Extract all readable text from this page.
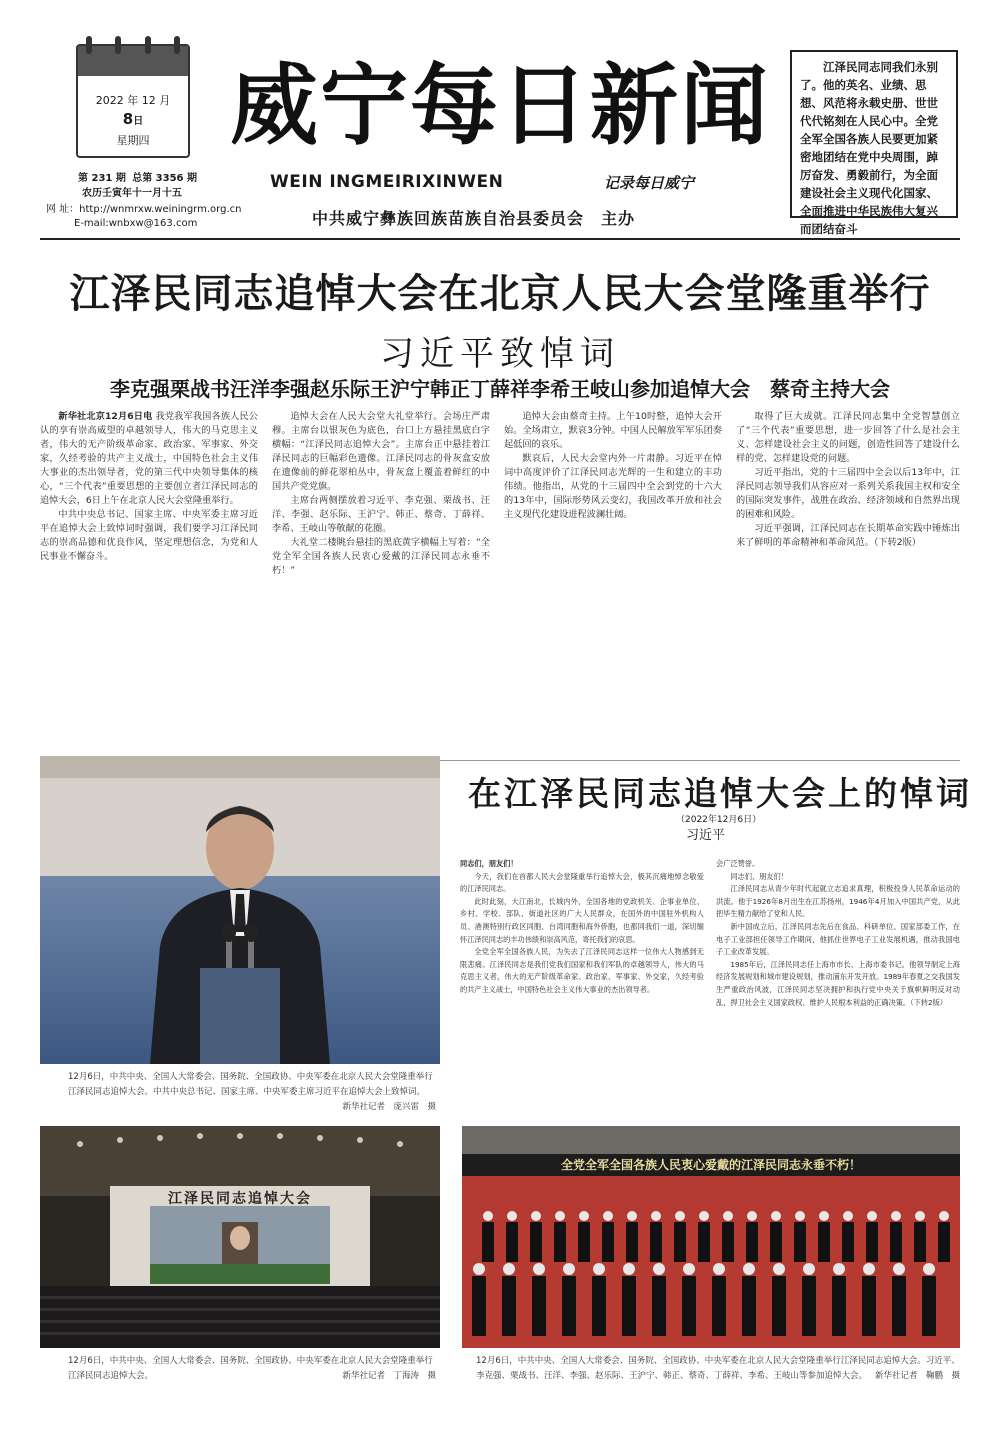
2022 年 12 月
8日
星期四
第 231 期 总第 3356 期
农历壬寅年十一月十五
网 址：http://wnmrxw.weiningrm.org.cn
E-mail:wnbxw@163.com
威宁每日新闻
WEIN INGMEIRIXINWEN	记录每日威宁
中共威宁彝族回族苗族自治县委员会　主办
江泽民同志同我们永别了。他的英名、业绩、思想、风范将永载史册、世世代代铭刻在人民心中。全党全军全国各族人民要更加紧密地团结在党中央周围，踔厉奋发、勇毅前行，为全面建设社会主义现代化国家、全面推进中华民族伟大复兴而团结奋斗
江泽民同志追悼大会在北京人民大会堂隆重举行
习近平致悼词
李克强栗战书汪洋李强赵乐际王沪宁韩正丁薛祥李希王岐山参加追悼大会　蔡奇主持大会

新华社北京12月6日电 我党我军我国各族人民公认的享有崇高威望的卓越领导人，伟大的马克思主义者，伟大的无产阶级革命家、政治家、军事家、外交家，久经考验的共产主义战士，中国特色社会主义伟大事业的杰出领导者，党的第三代中央领导集体的核心，“三个代表”重要思想的主要创立者江泽民同志的追悼大会，6日上午在北京人民大会堂隆重举行。

中共中央总书记、国家主席、中央军委主席习近平在追悼大会上致悼词时强调，我们要学习江泽民同志的崇高品德和优良作风，坚定理想信念，为党和人民事业不懈奋斗。

追悼大会在人民大会堂大礼堂举行。会场庄严肃穆。主席台以银灰色为底色，台口上方悬挂黑底白字横幅：“江泽民同志追悼大会”。主席台正中悬挂着江泽民同志的巨幅彩色遗像。江泽民同志的骨灰盒安放在遗像前的鲜花翠柏丛中，骨灰盒上覆盖着鲜红的中国共产党党旗。

主席台两侧摆放着习近平、李克强、栗战书、汪洋、李强、赵乐际、王沪宁、韩正、蔡奇、丁薛祥、李希、王岐山等敬献的花圈。

大礼堂二楼眺台悬挂的黑底黄字横幅上写着：“全党全军全国各族人民衷心爱戴的江泽民同志永垂不朽！”

追悼大会由蔡奇主持。上午10时整，追悼大会开始。全场肃立，默哀3分钟。中国人民解放军军乐团奏起低回的哀乐。

默哀后，人民大会堂内外一片肃静。习近平在悼词中高度评价了江泽民同志光辉的一生和建立的丰功伟绩。他指出，从党的十三届四中全会到党的十六大的13年中，国际形势风云变幻，我国改革开放和社会主义现代化建设进程波澜壮阔。

取得了巨大成就。江泽民同志集中全党智慧创立了“三个代表”重要思想，进一步回答了什么是社会主义、怎样建设社会主义的问题，创造性回答了建设什么样的党、怎样建设党的问题。

习近平指出，党的十三届四中全会以后13年中，江泽民同志领导我们从容应对一系列关系我国主权和安全的国际突发事件，战胜在政治、经济领域和自然界出现的困难和风险。

习近平强调，江泽民同志在长期革命实践中锤炼出来了鲜明的革命精神和革命风范。（下转2版）

12月6日，中共中央、全国人大常委会、国务院、全国政协、中央军委在北京人民大会堂隆重举行江泽民同志追悼大会。中共中央总书记、国家主席、中央军委主席习近平在追悼大会上致悼词。
新华社记者　庞兴雷　摄
在江泽民同志追悼大会上的悼词
（2022年12月6日）
习近平

同志们，朋友们！

今天，我们在首都人民大会堂隆重举行追悼大会，极其沉痛地悼念敬爱的江泽民同志。

此时此刻，大江南北，长城内外，全国各地的党政机关、企事业单位、乡村、学校、部队、街道社区的广大人民群众，在国外的中国驻外机构人员、港澳特别行政区同胞、台湾同胞和海外侨胞，也都同我们一道，深切缅怀江泽民同志的丰功伟绩和崇高风范，寄托我们的哀思。

全党全军全国各族人民，为失去了江泽民同志这样一位伟大人物感到无限悲痛。江泽民同志是我们党我们国家和我们军队的卓越领导人，伟大的马克思主义者，伟大的无产阶级革命家、政治家、军事家、外交家，久经考验的共产主义战士，中国特色社会主义伟大事业的杰出领导者。

会广泛赞誉。

同志们、朋友们！

江泽民同志从青少年时代起就立志追求真理，积极投身人民革命运动的洪流。他于1926年8月出生在江苏扬州，1946年4月加入中国共产党，从此把毕生精力献给了党和人民。

新中国成立后，江泽民同志先后在食品、科研单位、国家部委工作，在电子工业部担任领导工作期间，他抓住世界电子工业发展机遇，推动我国电子工业改革发展。

1985年后，江泽民同志任上海市市长、上海市委书记。他领导制定上海经济发展规划和城市建设规划，推动浦东开发开放。1989年春夏之交我国发生严重政治风波，江泽民同志坚决拥护和执行党中央关于旗帜鲜明反对动乱，捍卫社会主义国家政权、维护人民根本利益的正确决策。（下转2版）

江泽民同志追悼大会
12月6日，中共中央、全国人大常委会、国务院、全国政协、中央军委在北京人民大会堂隆重举行江泽民同志追悼大会。	新华社记者　丁海涛　摄
全党全军全国各族人民衷心爱戴的江泽民同志永垂不朽！
12月6日，中共中央、全国人大常委会、国务院、全国政协、中央军委在北京人民大会堂隆重举行江泽民同志追悼大会。习近平、李克强、栗战书、汪洋、李强、赵乐际、王沪宁、韩正、蔡奇、丁薛祥、李希、王岐山等参加追悼大会。 新华社记者　鞠鹏　摄
